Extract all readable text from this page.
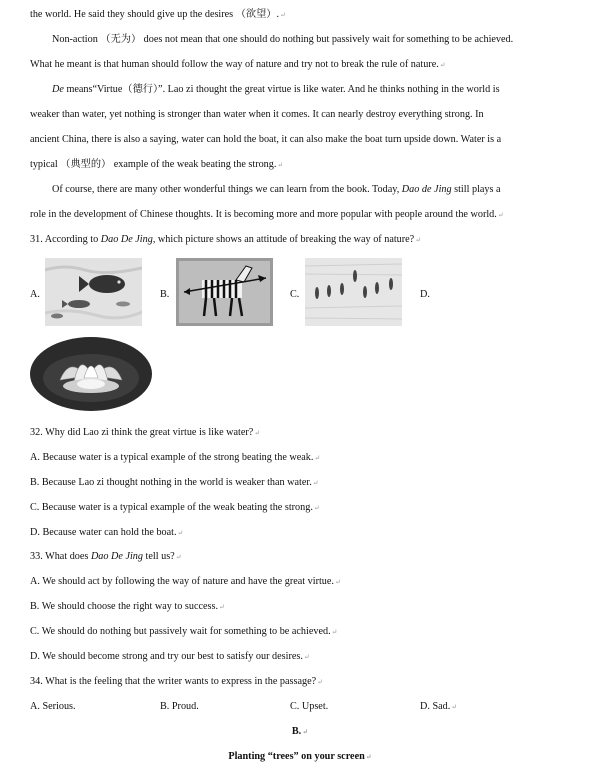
the world. He said they should give up the desires （欲望）.↵
Non-action （无为） does not mean that one should do nothing but passively wait for something to be achieved.
What he meant is that human should follow the way of nature and try not to break the rule of nature.↵
De means“Virtue（德行）”. Lao zi thought the great virtue is like water. And he thinks nothing in the world is
weaker than water, yet nothing is stronger than water when it comes. It can nearly destroy everything strong. In
ancient China, there is also a saying, water can hold the boat, it can also make the boat turn upside down. Water is a
typical （典型的） example of the weak beating the strong.↵
Of course, there are many other wonderful things we can learn from the book. Today, Dao de Jing still plays a
role in the development of Chinese thoughts. It is becoming more and more popular with people around the world.↵
31. According to Dao De Jing, which picture shows an attitude of breaking the way of nature?↵
A.	B.	C.	D.
32. Why did Lao zi think the great virtue is like water?↵
A. Because water is a typical example of the strong beating the weak.↵
B. Because Lao zi thought nothing in the world is weaker than water.↵
C. Because water is a typical example of the weak beating the strong.↵
D. Because water can hold the boat.↵
33. What does Dao De Jing tell us?↵
A. We should act by following the way of nature and have the great virtue.↵
B. We should choose the right way to success.↵
C. We should do nothing but passively wait for something to be achieved.↵
D. We should become strong and try our best to satisfy our desires.↵
34. What is the feeling that the writer wants to express in the passage?↵
A. Serious.	B. Proud.	C. Upset.	D. Sad.↵
B.↵
Planting “trees” on your screen↵
